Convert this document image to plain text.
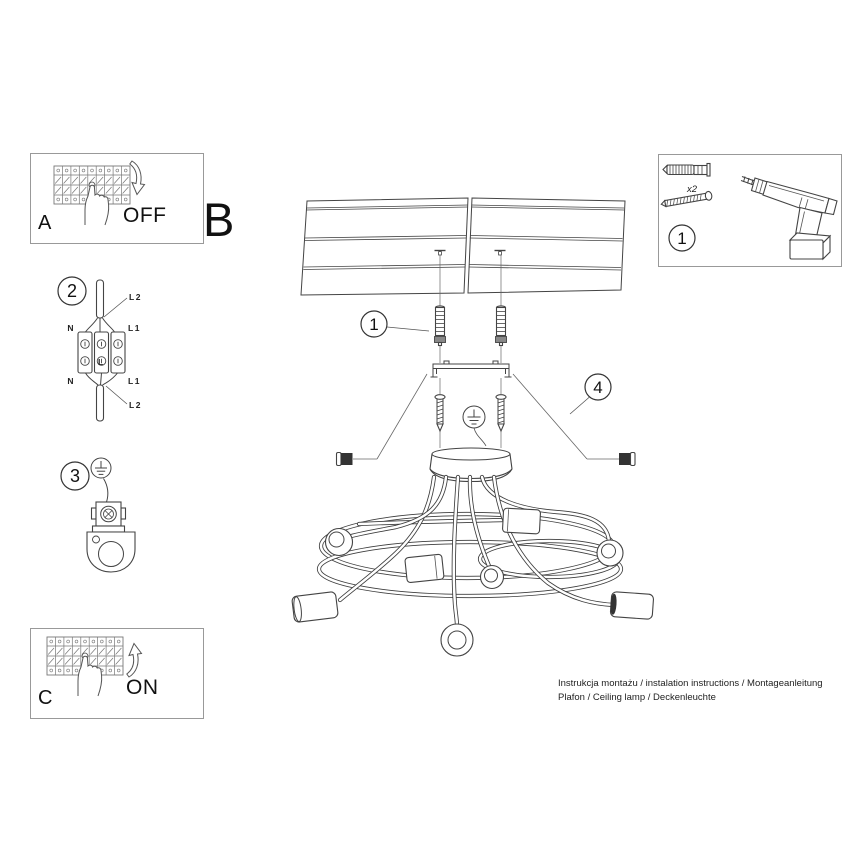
A	OFF B
x2
1
2
N	L1
L2
L
N	L1
L2
3
C	ON
1
4
Instrukcja montażu / instalation instructions / Montageanleitung
Plafon / Ceiling lamp / Deckenleuchte
